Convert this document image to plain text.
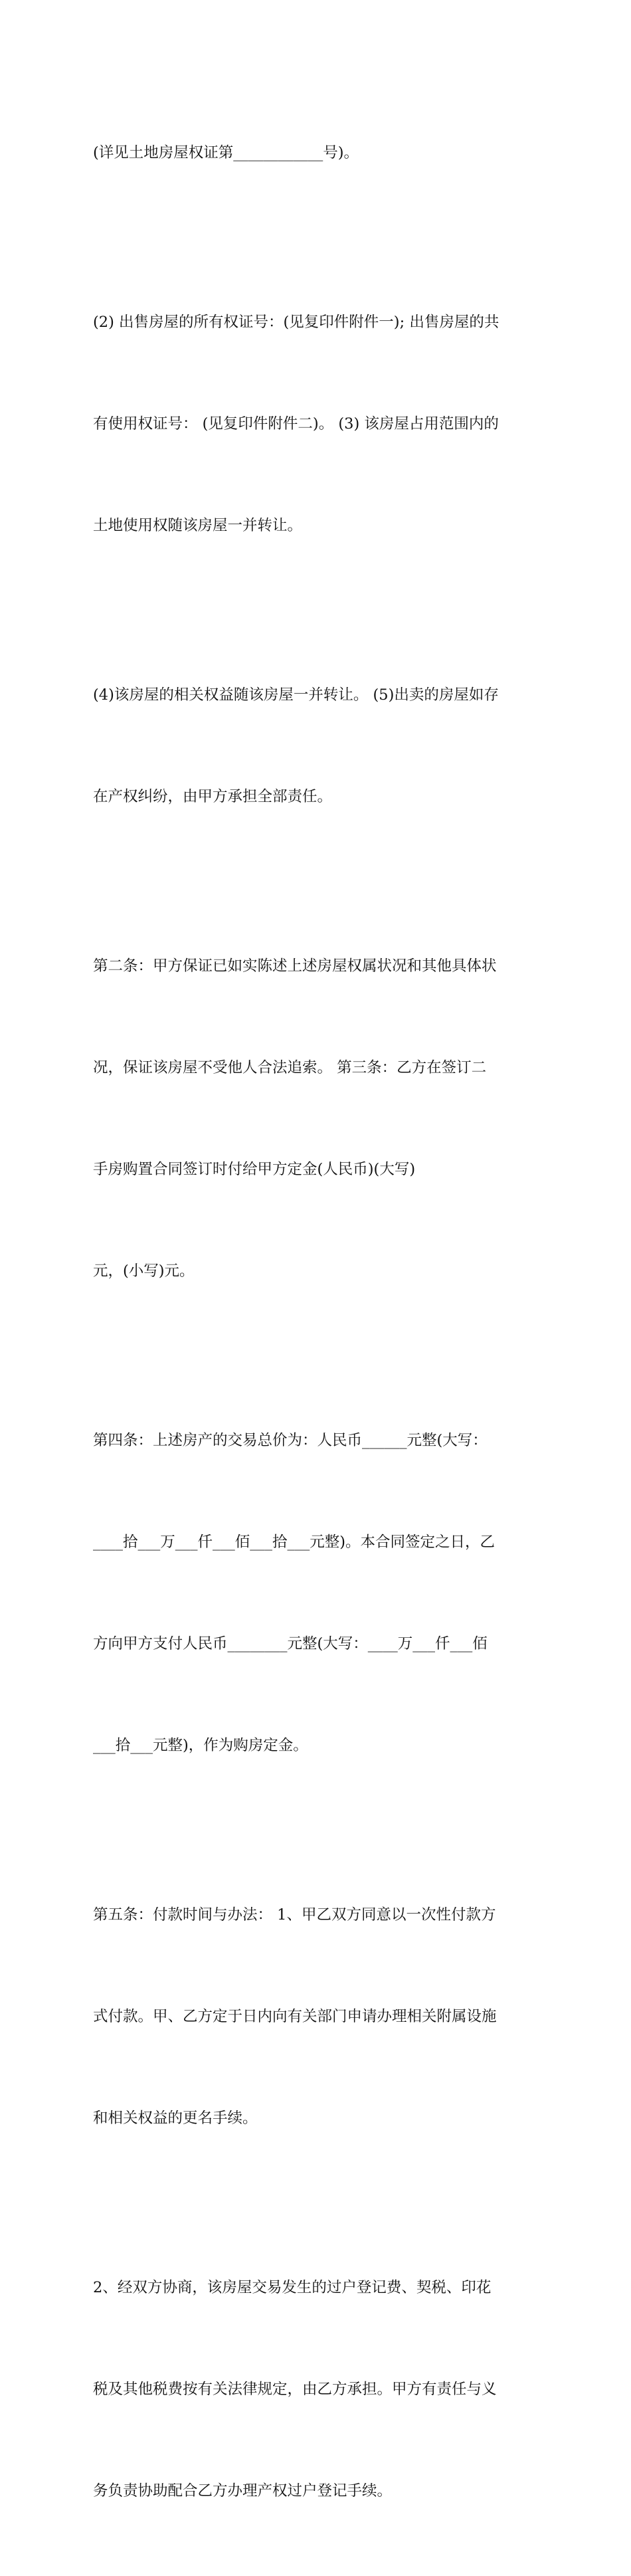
(详见土地房屋权证第____________号)。

(2) 出售房屋的所有权证号：(见复印件附件一); 出售房屋的共

有使用权证号： (见复印件附件二)。 (3) 该房屋占用范围内的

土地使用权随该房屋一并转让。

(4)该房屋的相关权益随该房屋一并转让。 (5)出卖的房屋如存

在产权纠纷，由甲方承担全部责任。

第二条：甲方保证已如实陈述上述房屋权属状况和其他具体状

况，保证该房屋不受他人合法追索。 第三条：乙方在签订二

手房购置合同签订时付给甲方定金(人民币)(大写)

元，(小写)元。

第四条：上述房产的交易总价为：人民币______元整(大写：

____拾___万___仟___佰___拾___元整)。本合同签定之日，乙

方向甲方支付人民币________元整(大写：____万___仟___佰

___拾___元整)，作为购房定金。

第五条：付款时间与办法： 1、甲乙双方同意以一次性付款方

式付款。甲、乙方定于日内向有关部门申请办理相关附属设施

和相关权益的更名手续。

2、经双方协商，该房屋交易发生的过户登记费、契税、印花

税及其他税费按有关法律规定，由乙方承担。甲方有责任与义

务负责协助配合乙方办理产权过户登记手续。
